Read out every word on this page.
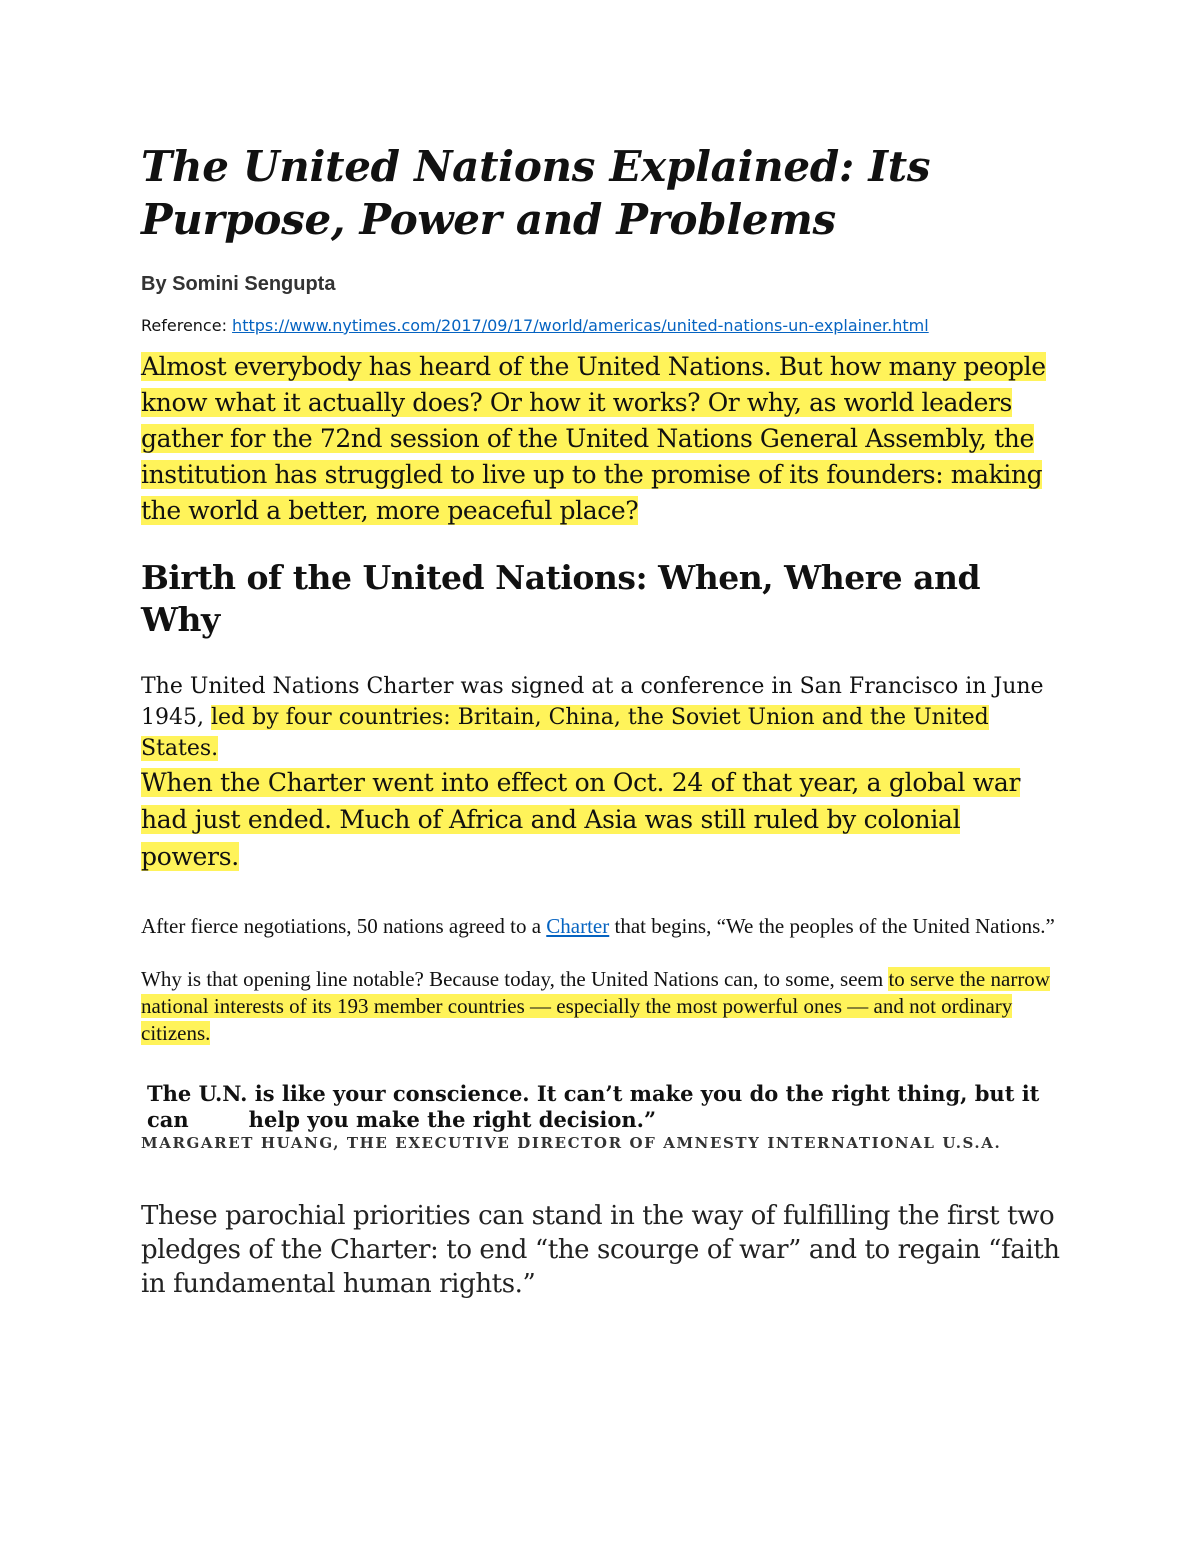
The United Nations Explained: Its Purpose, Power and Problems
By Somini Sengupta
Reference: https://www.nytimes.com/2017/09/17/world/americas/united-nations-un-explainer.html
Almost everybody has heard of the United Nations. But how many people know what it actually does? Or how it works? Or why, as world leaders gather for the 72nd session of the United Nations General Assembly, the institution has struggled to live up to the promise of its founders: making the world a better, more peaceful place?
Birth of the United Nations: When, Where and Why
The United Nations Charter was signed at a conference in San Francisco in June 1945, led by four countries: Britain, China, the Soviet Union and the United States.
When the Charter went into effect on Oct. 24 of that year, a global war had just ended. Much of Africa and Asia was still ruled by colonial powers.
After fierce negotiations, 50 nations agreed to a Charter that begins, “We the peoples of the United Nations.”
Why is that opening line notable? Because today, the United Nations can, to some, seem to serve the narrow national interests of its 193 member countries — especially the most powerful ones — and not ordinary citizens.
The U.N. is like your conscience. It can’t make you do the right thing, but it can	help you make the right decision.”
MARGARET HUANG, THE EXECUTIVE DIRECTOR OF AMNESTY INTERNATIONAL U.S.A.
These parochial priorities can stand in the way of fulfilling the first two pledges of the Charter: to end “the scourge of war” and to regain “faith in fundamental human rights.”
